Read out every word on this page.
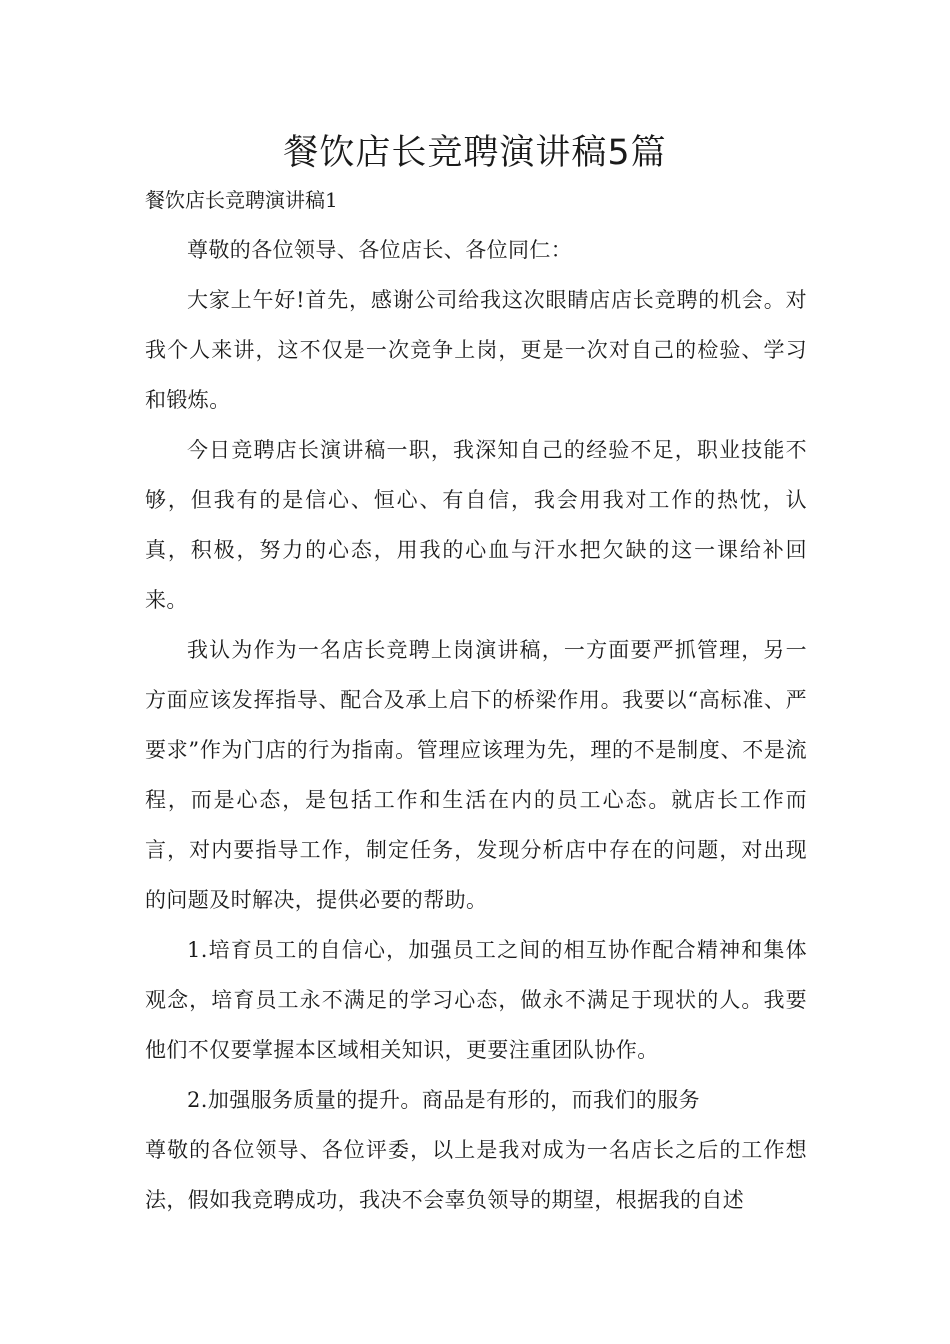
餐饮店长竞聘演讲稿5篇

餐饮店长竞聘演讲稿1

尊敬的各位领导、各位店长、各位同仁：

大家上午好!首先，感谢公司给我这次眼睛店店长竞聘的机会。对我个人来讲，这不仅是一次竞争上岗，更是一次对自己的检验、学习和锻炼。

今日竞聘店长演讲稿一职，我深知自己的经验不足，职业技能不够，但我有的是信心、恒心、有自信，我会用我对工作的热忱，认真，积极，努力的心态，用我的心血与汗水把欠缺的这一课给补回来。

我认为作为一名店长竞聘上岗演讲稿，一方面要严抓管理，另一方面应该发挥指导、配合及承上启下的桥梁作用。我要以“高标准、严要求”作为门店的行为指南。管理应该理为先，理的不是制度、不是流程，而是心态，是包括工作和生活在内的员工心态。就店长工作而言，对内要指导工作，制定任务，发现分析店中存在的问题，对出现的问题及时解决，提供必要的帮助。

1.培育员工的自信心，加强员工之间的相互协作配合精神和集体观念，培育员工永不满足的学习心态，做永不满足于现状的人。我要他们不仅要掌握本区域相关知识，更要注重团队协作。

2.加强服务质量的提升。商品是有形的，而我们的服务

尊敬的各位领导、各位评委，以上是我对成为一名店长之后的工作想法，假如我竞聘成功，我决不会辜负领导的期望，根据我的自述
